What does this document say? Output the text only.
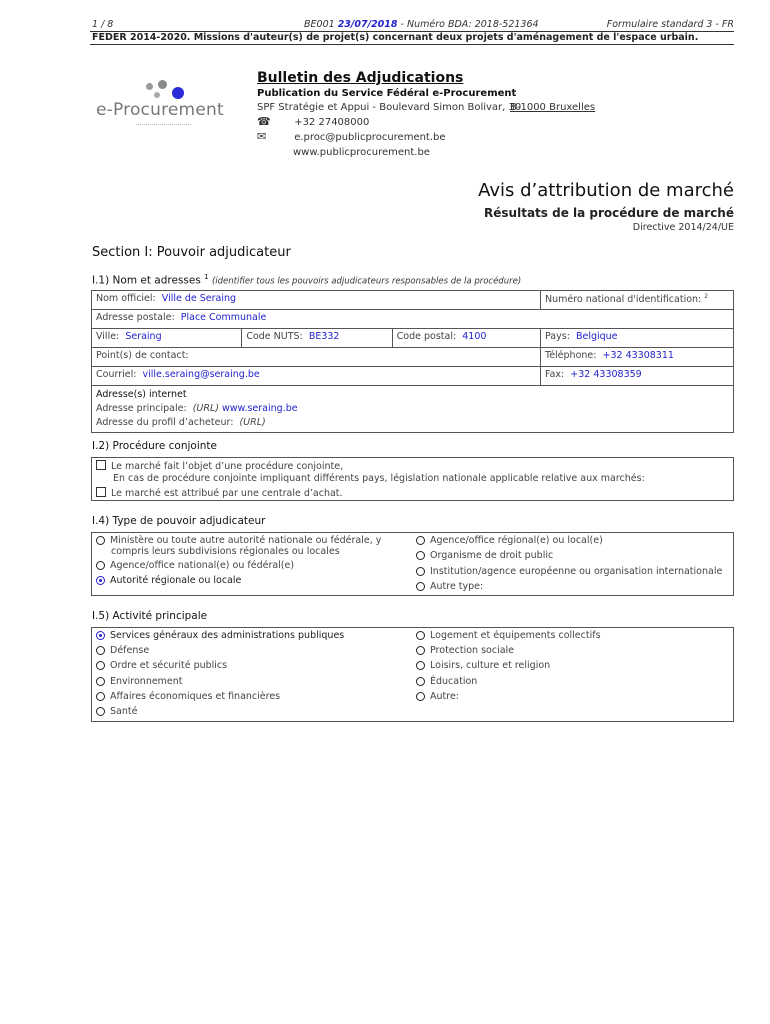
1 / 8	BE001 23/07/2018 - Numéro BDA: 2018-521364	Formulaire standard 3 - FR
FEDER 2014-2020. Missions d'auteur(s) de projet(s) concernant deux projets d'aménagement de l'espace urbain.
e-Procurement
Bulletin des Adjudications
Publication du Service Fédéral e-Procurement
SPF Stratégie et Appui - Boulevard Simon Bolivar, 30
B-1000 Bruxelles
☎ +32 27408000
✉	e.proc@publicprocurement.be
www.publicprocurement.be
Avis d’attribution de marché
Résultats de la procédure de marché
Directive 2014/24/UE
Section I: Pouvoir adjudicateur
I.1) Nom et adresses $^1$ (identifier tous les pouvoirs adjudicateurs responsables de la procédure)
Nom officiel: Ville de Seraing			Numéro national d'identification: $^2$
Adresse postale: Place Communale			
Ville: Seraing	Code NUTS: BE332	Code postal: 4100	Pays: Belgique
Point(s) de contact:			Téléphone: +32 43308311
Courriel: ville.seraing@seraing.be			Fax: +32 43308359

Adresse(s) internet
Adresse principale: (URL) www.seraing.be
Adresse du profil d’acheteur: (URL)			
I.2) Procédure conjointe
Le marché fait l’objet d’une procédure conjointe,
En cas de procédure conjointe impliquant différents pays, législation nationale applicable relative aux marchés:
Le marché est attribué par une centrale d’achat.
I.4) Type de pouvoir adjudicateur
Ministère ou toute autre autorité nationale ou fédérale, y
compris leurs subdivisions régionales ou locales
Agence/office national(e) ou fédéral(e)
Autorité régionale ou locale
Agence/office régional(e) ou local(e)
Organisme de droit public
Institution/agence européenne ou organisation internationale
Autre type:
I.5) Activité principale
Services généraux des administrations publiques
Défense
Ordre et sécurité publics
Environnement
Affaires économiques et financières
Santé
Logement et équipements collectifs
Protection sociale
Loisirs, culture et religion
Éducation
Autre:
